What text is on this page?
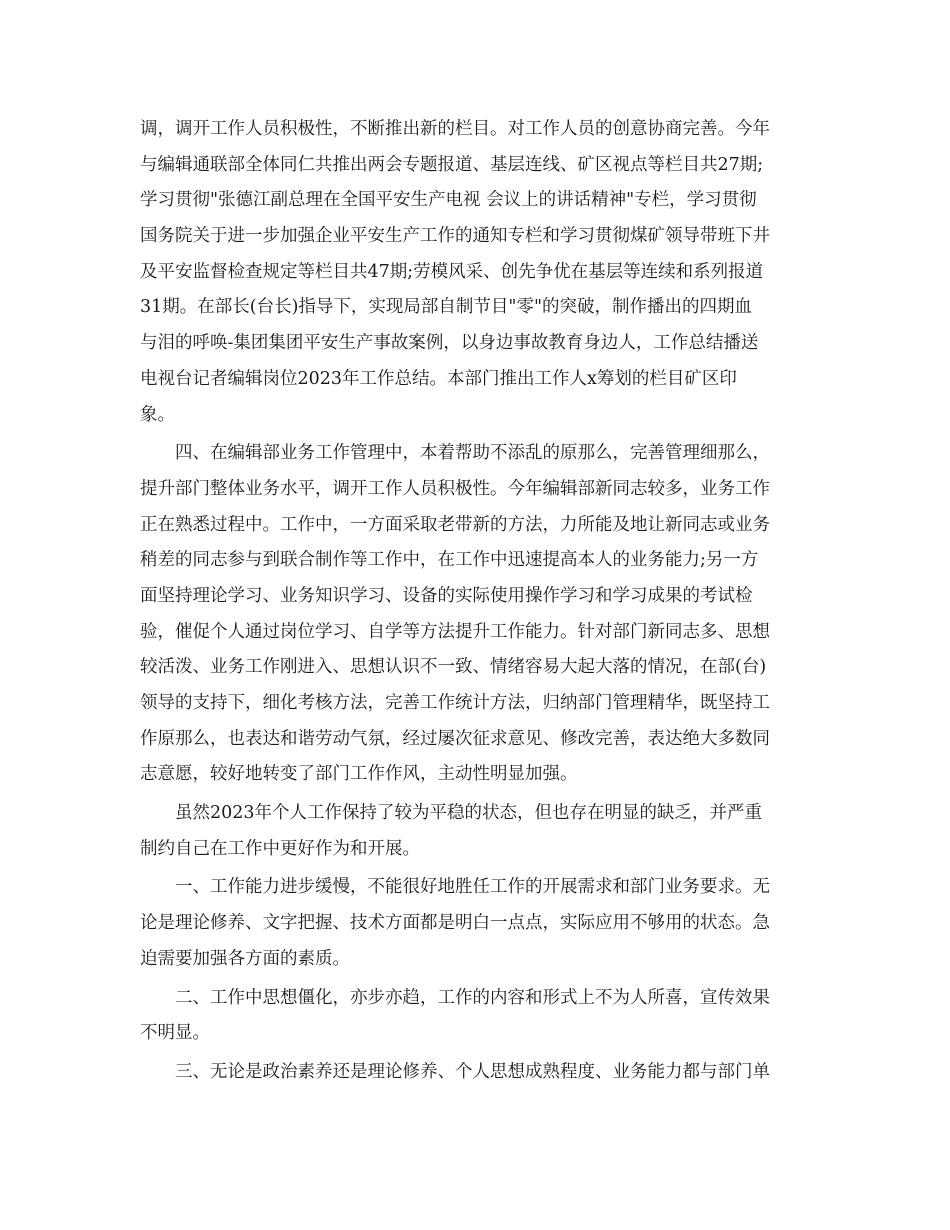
调，调开工作人员积极性，不断推出新的栏目。对工作人员的创意协商完善。今年
与编辑通联部全体同仁共推出两会专题报道、基层连线、矿区视点等栏目共27期;
学习贯彻"张德江副总理在全国平安生产电视 会议上的讲话精神"专栏，学习贯彻
国务院关于进一步加强企业平安生产工作的通知专栏和学习贯彻煤矿领导带班下井
及平安监督检查规定等栏目共47期;劳模风采、创先争优在基层等连续和系列报道
31期。在部长(台长)指导下，实现局部自制节目"零"的突破，制作播出的四期血
与泪的呼唤-集团集团平安生产事故案例，以身边事故教育身边人，工作总结播送
电视台记者编辑岗位2023年工作总结。本部门推出工作人x筹划的栏目矿区印
象。
四、在编辑部业务工作管理中，本着帮助不添乱的原那么，完善管理细那么，
提升部门整体业务水平，调开工作人员积极性。今年编辑部新同志较多，业务工作
正在熟悉过程中。工作中，一方面采取老带新的方法，力所能及地让新同志或业务
稍差的同志参与到联合制作等工作中，在工作中迅速提高本人的业务能力;另一方
面坚持理论学习、业务知识学习、设备的实际使用操作学习和学习成果的考试检
验，催促个人通过岗位学习、自学等方法提升工作能力。针对部门新同志多、思想
较活泼、业务工作刚进入、思想认识不一致、情绪容易大起大落的情况，在部(台)
领导的支持下，细化考核方法，完善工作统计方法，归纳部门管理精华，既坚持工
作原那么，也表达和谐劳动气氛，经过屡次征求意见、修改完善，表达绝大多数同
志意愿，较好地转变了部门工作作风，主动性明显加强。
虽然2023年个人工作保持了较为平稳的状态，但也存在明显的缺乏，并严重
制约自己在工作中更好作为和开展。
一、工作能力进步缓慢，不能很好地胜任工作的开展需求和部门业务要求。无
论是理论修养、文字把握、技术方面都是明白一点点，实际应用不够用的状态。急
迫需要加强各方面的素质。
二、工作中思想僵化，亦步亦趋，工作的内容和形式上不为人所喜，宣传效果
不明显。
三、无论是政治素养还是理论修养、个人思想成熟程度、业务能力都与部门单
